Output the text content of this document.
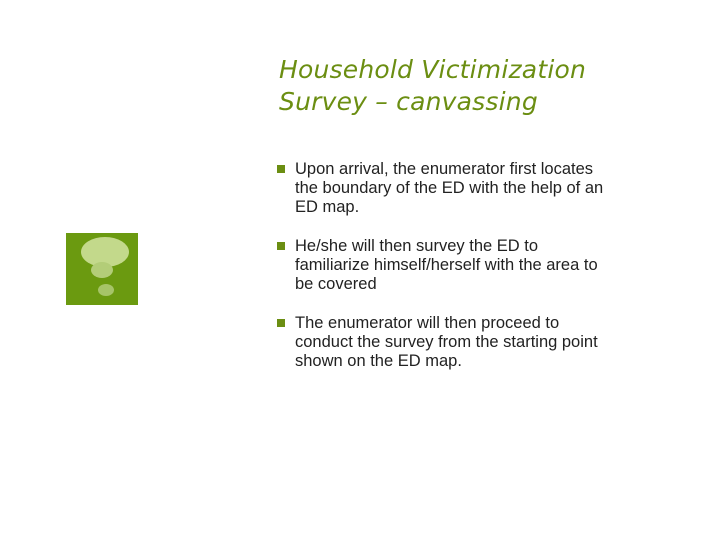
Household Victimization
Survey – canvassing
Upon arrival, the enumerator first locates
the boundary of the ED with the help of an
ED map.
He/she will then survey the ED to
familiarize himself/herself with the area to
be covered
The enumerator will then proceed to
conduct the survey from the starting point
shown on the ED map.
